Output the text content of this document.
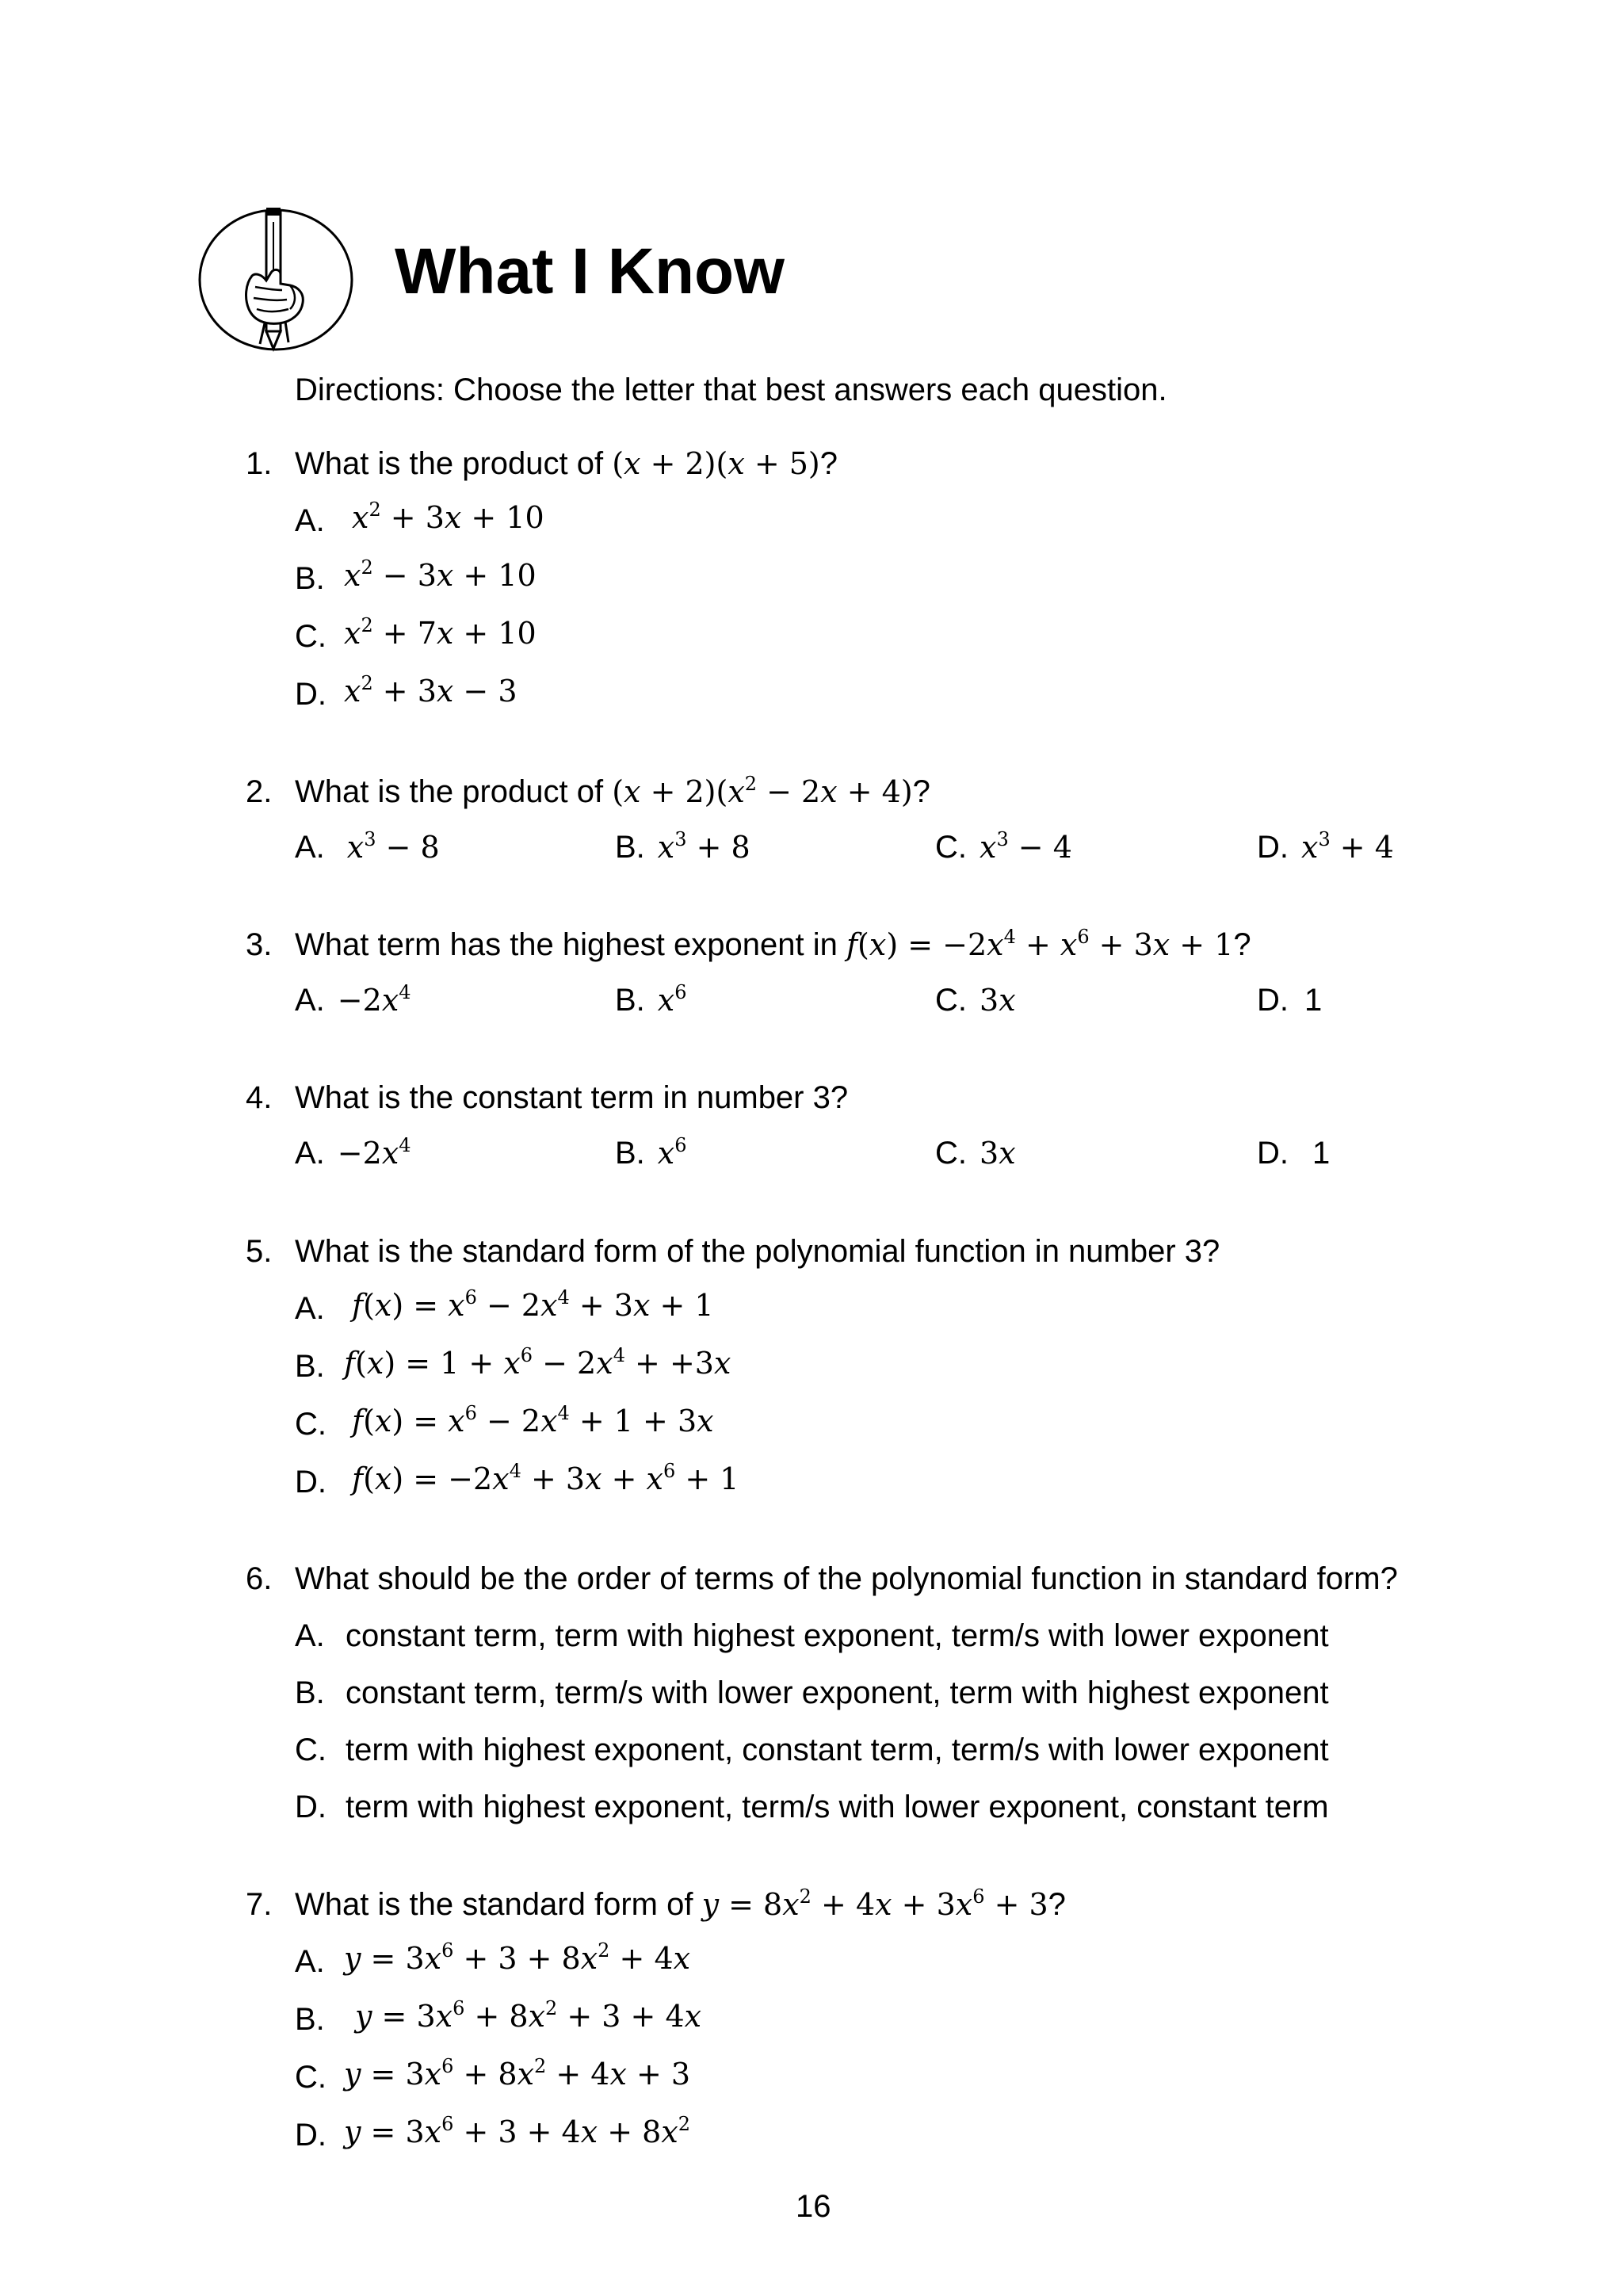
What I Know
Directions: Choose the letter that best answers each question.
1. What is the product of (x + 2)(x + 5)?
A. $x^2 + 3x + 10$
B. $x^2 - 3x + 10$
C. $x^2 + 7x + 10$
D. $x^2 + 3x - 3$
2. What is the product of $(x + 2)(x^2 - 2x + 4)$?
A. $x^3 - 8$	B. $x^3 + 8$	C. $x^3 - 4$	D. $x^3 + 4$
3. What term has the highest exponent in $f(x) = -2x^4 + x^6 + 3x + 1$?
A. $-2x^4$	B. $x^6$	C. 3x	D. 1
4. What is the constant term in number 3?
A. $-2x^4$	B. $x^6$	C. 3x	D. 1
5. What is the standard form of the polynomial function in number 3?
A. $f(x) = x^6 - 2x^4 + 3x + 1$
B. $f(x) = 1 + x^6 - 2x^4 + +3x$
C. $f(x) = x^6 - 2x^4 + 1 + 3x$
D. $f(x) = -2x^4 + 3x + x^6 + 1$
6. What should be the order of terms of the polynomial function in standard form?
A. constant term, term with highest exponent, term/s with lower exponent
B. constant term, term/s with lower exponent, term with highest exponent
C. term with highest exponent, constant term, term/s with lower exponent
D. term with highest exponent, term/s with lower exponent, constant term
7. What is the standard form of $y = 8x^2 + 4x + 3x^6 + 3$?
A. $y = 3x^6 + 3 + 8x^2 + 4x$
B. $y = 3x^6 + 8x^2 + 3 + 4x$
C. $y = 3x^6 + 8x^2 + 4x + 3$
D. $y = 3x^6 + 3 + 4x + 8x^2$
16
